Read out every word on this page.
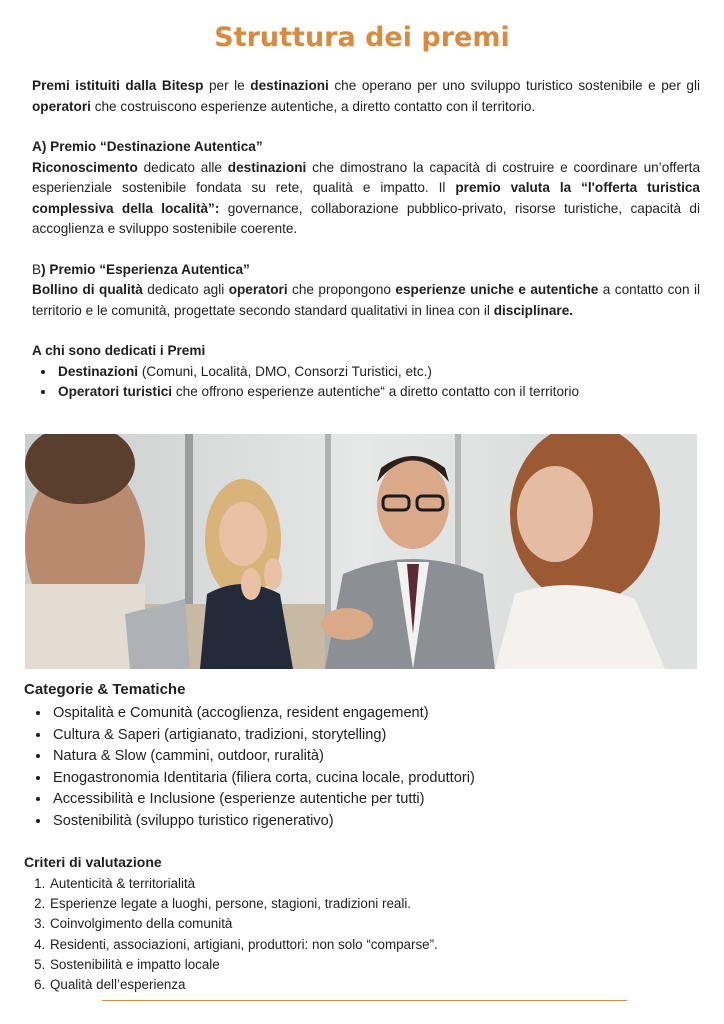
Struttura dei premi

Premi istituiti dalla Bitesp per le destinazioni che operano per uno sviluppo turistico sostenibile e per gli operatori che costruiscono esperienze autentiche, a diretto contatto con il territorio.

A) Premio “Destinazione Autentica”

Riconoscimento dedicato alle destinazioni che dimostrano la capacità di costruire e coordinare un’offerta esperienziale sostenibile fondata su rete, qualità e impatto. Il premio valuta la “l'offerta turistica complessiva della località”: governance, collaborazione pubblico-privato, risorse turistiche, capacità di accoglienza e sviluppo sostenibile coerente.

B) Premio “Esperienza Autentica”

Bollino di qualità dedicato agli operatori che propongono esperienze uniche e autentiche a contatto con il territorio e le comunità, progettate secondo standard qualitativi in linea con il disciplinare.

A chi sono dedicati i Premi
• Destinazioni (Comuni, Località, DMO, Consorzi Turistici, etc.)
• Operatori turistici che offrono esperienze autentiche“ a diretto contatto con il territorio
Categorie & Tematiche
• Ospitalità e Comunità (accoglienza, resident engagement)
• Cultura & Saperi (artigianato, tradizioni, storytelling)
• Natura & Slow (cammini, outdoor, ruralità)
• Enogastronomia Identitaria (filiera corta, cucina locale, produttori)
• Accessibilità e Inclusione (esperienze autentiche per tutti)
• Sostenibilità (sviluppo turistico rigenerativo)
Criteri di valutazione
1. Autenticità & territorialità
2. Esperienze legate a luoghi, persone, stagioni, tradizioni reali.
3. Coinvolgimento della comunità
4. Residenti, associazioni, artigiani, produttori: non solo “comparse”.
5. Sostenibilità e impatto locale
6. Qualità dell’esperienza
